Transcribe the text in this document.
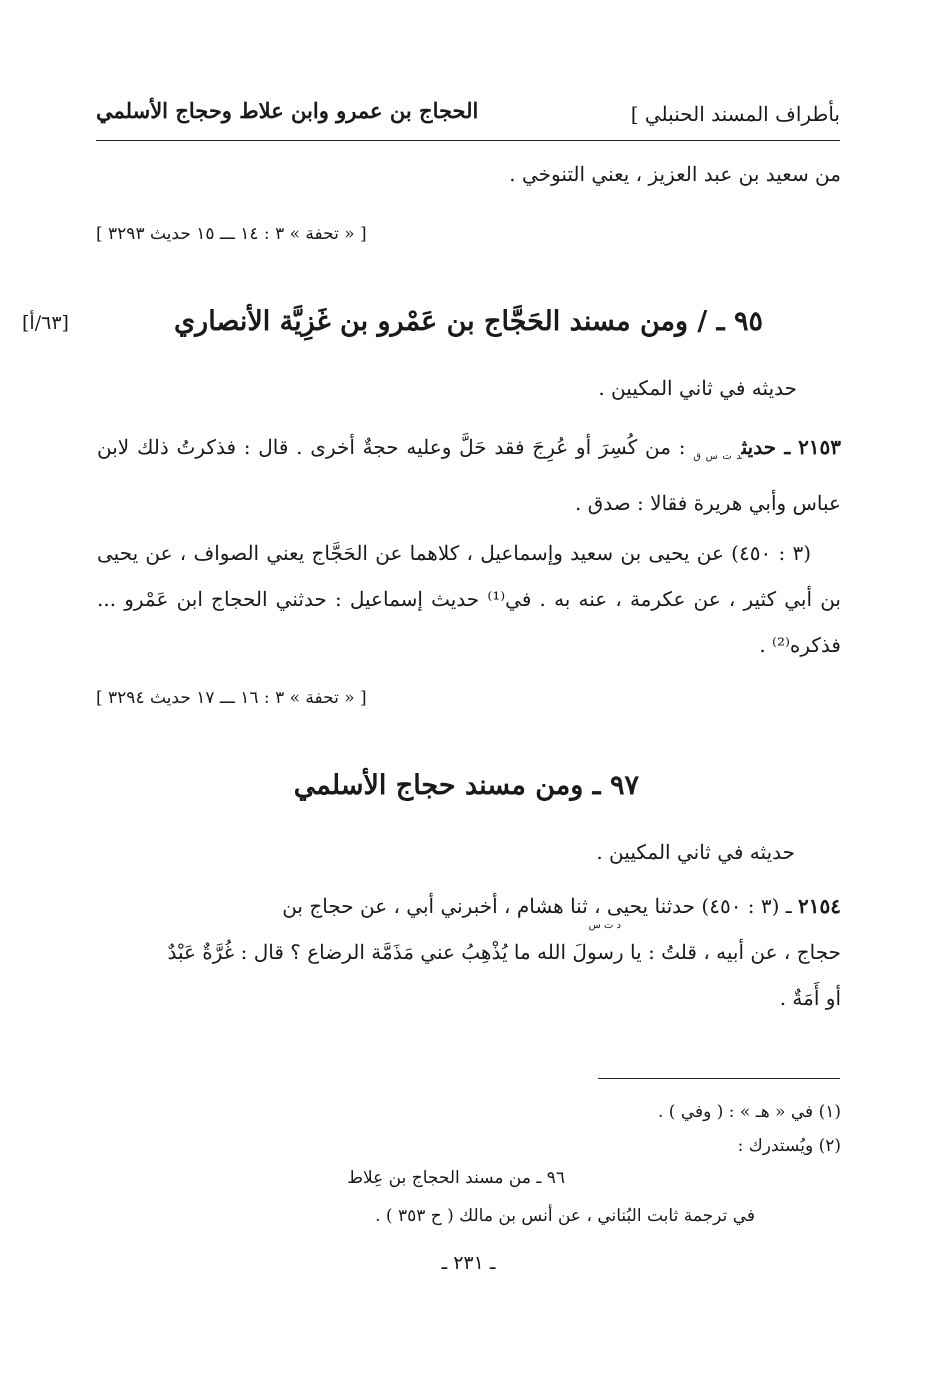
بأطراف المسند الحنبلي ]
الحجاج بن عمرو وابن علاط وحجاج الأسلمي
من سعيد بن عبد العزيز ، يعني التنوخي .
[ « تحفة » ٣ : ١٤ ـــ ١٥ حديث ٣٢٩٣ ]
[٦٣/أ]	٩٥ ـ / ومن مسند الحَجَّاج بن عَمْرو بن غَزِيَّة الأنصاري
حديثه في ثاني المكيين .
٢١٥٣ ـ حديث$_{د ت س ق}$ : من كُسِرَ أو عُرِجَ فقد حَلَّ وعليه حجةٌ أخرى . قال : فذكرتُ ذلك لابن عباس وأبي هريرة فقالا : صدق .
(٣ : ٤٥٠) عن يحيى بن سعيد وإسماعيل ، كلاهما عن الحَجَّاج يعني الصواف ، عن يحيى بن أبي كثير ، عن عكرمة ، عنه به . في⁽¹⁾ حديث إسماعيل : حدثني الحجاج ابن عَمْرو ... فذكره⁽²⁾ .
[ « تحفة » ٣ : ١٦ ـــ ١٧ حديث ٣٢٩٤ ]
٩٧ ـ ومن مسند حجاج الأسلمي
حديثه في ثاني المكيين .
٢١٥٤ ـ (٣ : ٤٥٠) حدثنا يحيى ، ثنا هشام ، أخبرني أبي ، عن حجاج بن
د ت س
حجاج ، عن أبيه ، قلتُ : يا رسولَ الله ما يُذْهِبُ عني مَذَمَّة الرضاع ؟ قال : غُرَّةٌ عَبْدٌ
أو أَمَةٌ .
(١) في « هـ » : ( وفي ) .
(٢) ويُستدرك :
٩٦ ـ من مسند الحجاج بن عِلاط
في ترجمة ثابت البُناني ، عن أنس بن مالك ( ح ٣٥٣ ) .
ـ ٢٣١ ـ
